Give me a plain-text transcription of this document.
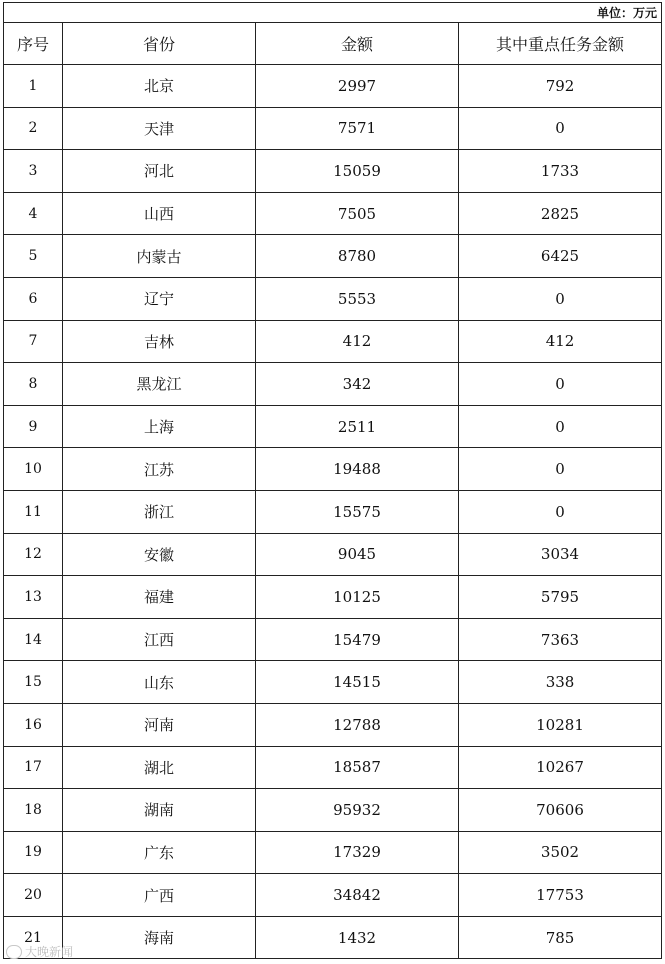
单位：万元			
序号	省份	金额	其中重点任务金额
1	北京	2997	792
2	天津	7571	0
3	河北	15059	1733
4	山西	7505	2825
5	内蒙古	8780	6425
6	辽宁	5553	0
7	吉林	412	412
8	黑龙江	342	0
9	上海	2511	0
10	江苏	19488	0
11	浙江	15575	0
12	安徽	9045	3034
13	福建	10125	5795
14	江西	15479	7363
15	山东	14515	338
16	河南	12788	10281
17	湖北	18587	10267
18	湖南	95932	70606
19	广东	17329	3502
20	广西	34842	17753
21	海南	1432	785
大晚新闻
